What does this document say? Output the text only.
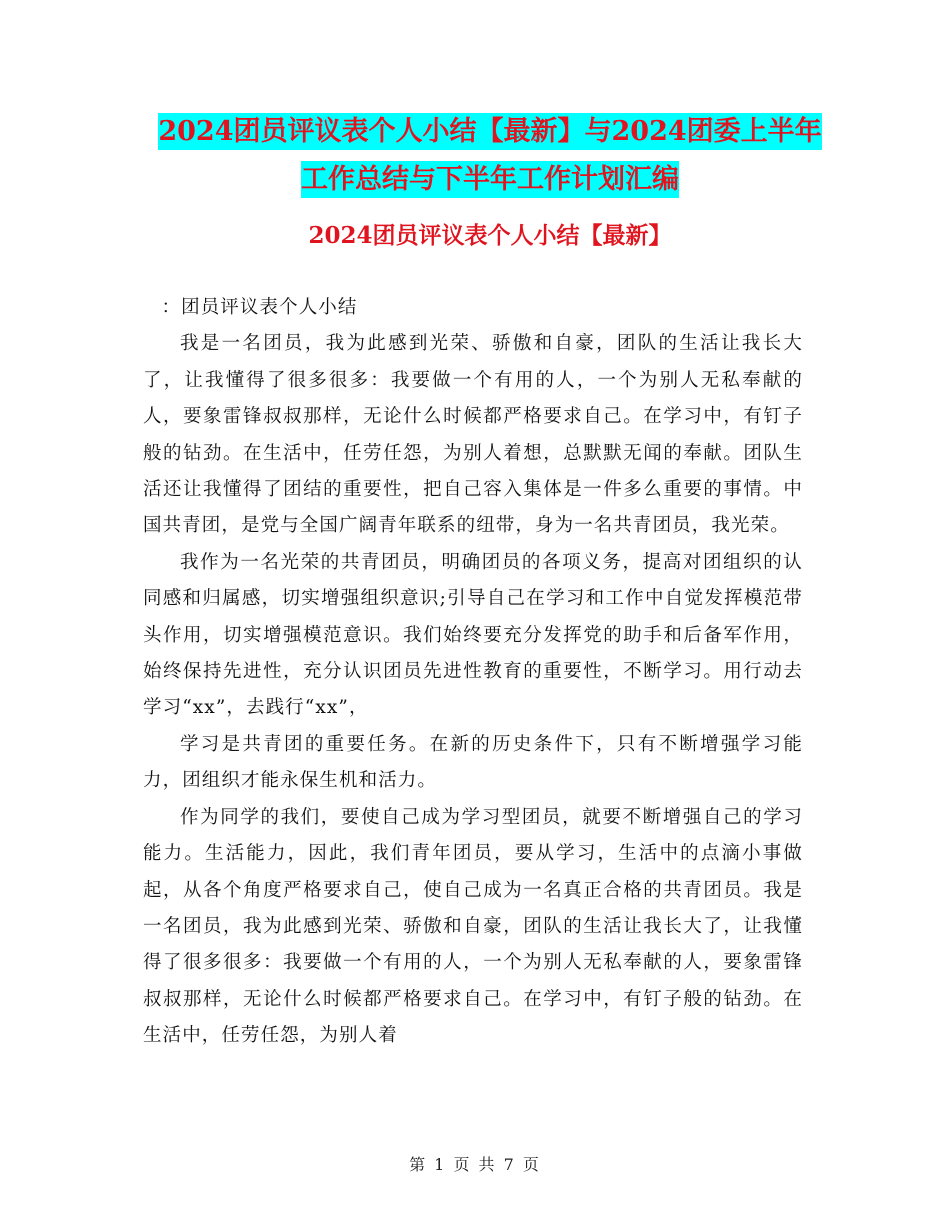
2024团员评议表个人小结【最新】与2024团委上半年
工作总结与下半年工作计划汇编
2024团员评议表个人小结【最新】

：团员评议表个人小结

我是一名团员，我为此感到光荣、骄傲和自豪，团队的生活让我长大了，让我懂得了很多很多：我要做一个有用的人，一个为别人无私奉献的人，要象雷锋叔叔那样，无论什么时候都严格要求自己。在学习中，有钉子般的钻劲。在生活中，任劳任怨，为别人着想，总默默无闻的奉献。团队生活还让我懂得了团结的重要性，把自己容入集体是一件多么重要的事情。中国共青团，是党与全国广阔青年联系的纽带，身为一名共青团员，我光荣。

我作为一名光荣的共青团员，明确团员的各项义务，提高对团组织的认同感和归属感，切实增强组织意识;引导自己在学习和工作中自觉发挥模范带头作用，切实增强模范意识。我们始终要充分发挥党的助手和后备军作用，始终保持先进性，充分认识团员先进性教育的重要性，不断学习。用行动去学习“xx”，去践行“xx”，

学习是共青团的重要任务。在新的历史条件下，只有不断增强学习能力，团组织才能永保生机和活力。

作为同学的我们，要使自己成为学习型团员，就要不断增强自己的学习能力。生活能力，因此，我们青年团员，要从学习，生活中的点滴小事做起，从各个角度严格要求自己，使自己成为一名真正合格的共青团员。我是一名团员，我为此感到光荣、骄傲和自豪，团队的生活让我长大了，让我懂得了很多很多：我要做一个有用的人，一个为别人无私奉献的人，要象雷锋叔叔那样，无论什么时候都严格要求自己。在学习中，有钉子般的钻劲。在生活中，任劳任怨，为别人着

第 1 页 共 7 页
